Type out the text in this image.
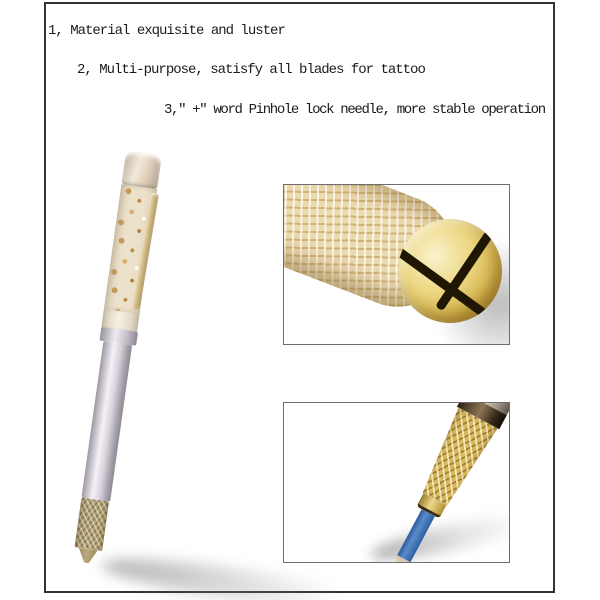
1, Material exquisite and luster
2, Multi-purpose, satisfy all blades for tattoo
3,″ +″ word Pinhole lock needle, more stable operation
